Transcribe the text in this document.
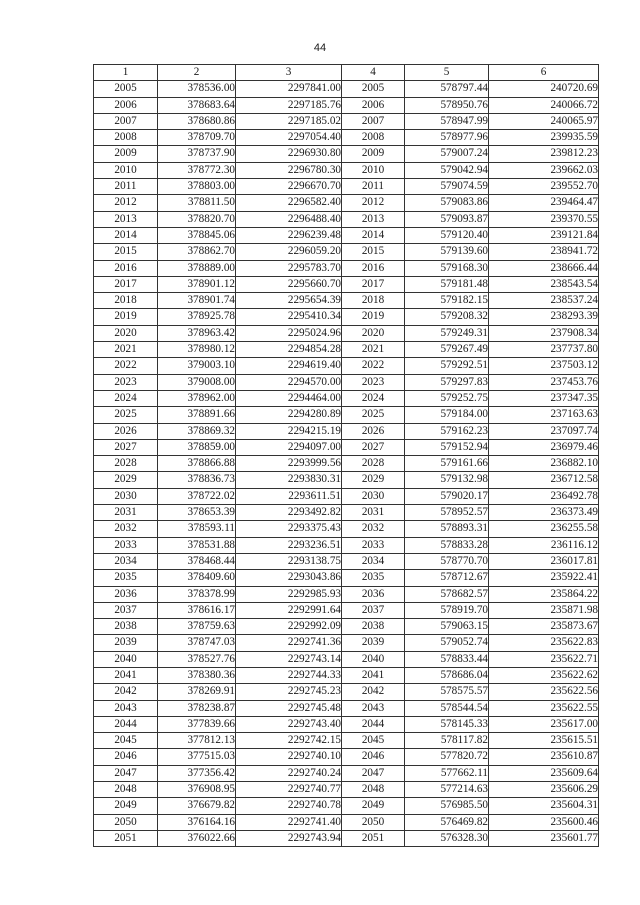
44
1	2	3	4	5	6
2005	378536.00	2297841.00	2005	578797.44	240720.69
2006	378683.64	2297185.76	2006	578950.76	240066.72
2007	378680.86	2297185.02	2007	578947.99	240065.97
2008	378709.70	2297054.40	2008	578977.96	239935.59
2009	378737.90	2296930.80	2009	579007.24	239812.23
2010	378772.30	2296780.30	2010	579042.94	239662.03
2011	378803.00	2296670.70	2011	579074.59	239552.70
2012	378811.50	2296582.40	2012	579083.86	239464.47
2013	378820.70	2296488.40	2013	579093.87	239370.55
2014	378845.06	2296239.48	2014	579120.40	239121.84
2015	378862.70	2296059.20	2015	579139.60	238941.72
2016	378889.00	2295783.70	2016	579168.30	238666.44
2017	378901.12	2295660.70	2017	579181.48	238543.54
2018	378901.74	2295654.39	2018	579182.15	238537.24
2019	378925.78	2295410.34	2019	579208.32	238293.39
2020	378963.42	2295024.96	2020	579249.31	237908.34
2021	378980.12	2294854.28	2021	579267.49	237737.80
2022	379003.10	2294619.40	2022	579292.51	237503.12
2023	379008.00	2294570.00	2023	579297.83	237453.76
2024	378962.00	2294464.00	2024	579252.75	237347.35
2025	378891.66	2294280.89	2025	579184.00	237163.63
2026	378869.32	2294215.19	2026	579162.23	237097.74
2027	378859.00	2294097.00	2027	579152.94	236979.46
2028	378866.88	2293999.56	2028	579161.66	236882.10
2029	378836.73	2293830.31	2029	579132.98	236712.58
2030	378722.02	2293611.51	2030	579020.17	236492.78
2031	378653.39	2293492.82	2031	578952.57	236373.49
2032	378593.11	2293375.43	2032	578893.31	236255.58
2033	378531.88	2293236.51	2033	578833.28	236116.12
2034	378468.44	2293138.75	2034	578770.70	236017.81
2035	378409.60	2293043.86	2035	578712.67	235922.41
2036	378378.99	2292985.93	2036	578682.57	235864.22
2037	378616.17	2292991.64	2037	578919.70	235871.98
2038	378759.63	2292992.09	2038	579063.15	235873.67
2039	378747.03	2292741.36	2039	579052.74	235622.83
2040	378527.76	2292743.14	2040	578833.44	235622.71
2041	378380.36	2292744.33	2041	578686.04	235622.62
2042	378269.91	2292745.23	2042	578575.57	235622.56
2043	378238.87	2292745.48	2043	578544.54	235622.55
2044	377839.66	2292743.40	2044	578145.33	235617.00
2045	377812.13	2292742.15	2045	578117.82	235615.51
2046	377515.03	2292740.10	2046	577820.72	235610.87
2047	377356.42	2292740.24	2047	577662.11	235609.64
2048	376908.95	2292740.77	2048	577214.63	235606.29
2049	376679.82	2292740.78	2049	576985.50	235604.31
2050	376164.16	2292741.40	2050	576469.82	235600.46
2051	376022.66	2292743.94	2051	576328.30	235601.77
